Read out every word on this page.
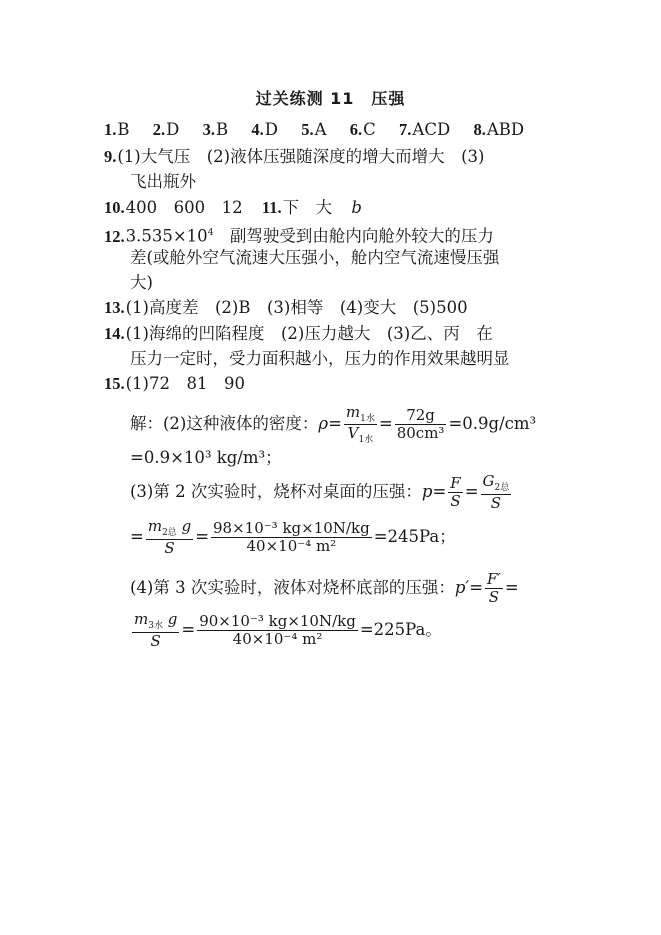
过关练测 11　压强
1.B 2.D 3.B 4.D 5.A 6.C 7.ACD 8.ABD
9.(1)大气压　(2)液体压强随深度的增大而增大　(3)
飞出瓶外
10.400　600　12 11.下　大 b
$12.3.535\times 10^4$　副驾驶受到由舱内向舱外较大的压力
差(或舱外空气流速大压强小，舱内空气流速慢压强
大)
13.(1)高度差　(2)B　(3)相等　(4)变大　(5)500
14.(1)海绵的凹陷程度　(2)压力越大　(3)乙、丙　在
压力一定时，受力面积越小，压力的作用效果越明显
15.(1)72　81　90
解：(2)这种液体的密度：$\rho= \frac{m_{1水}}{V_{1水}} = \frac{72g}{\text{80cm³}} =0.9g/cm^3$
=0.9×10³ kg/m³；
(3)第 2 次实验时，烧杯对桌面的压强：$p= \frac{F}{S} = \frac{G_{2总}}{S}$
= $\frac{m_{2总} g}{S} = \frac{\text{98×10⁻³ kg×10N/kg}}{\text{40×10⁻⁴ m²}} =245Pa$；
(4)第 3 次实验时，液体对烧杯底部的压强：$p'= \frac{F'}{S}$ =
$\frac{m_{3水} g}{S} = \frac{\text{90×10⁻³ kg×10N/kg}}{\text{40×10⁻⁴ m²}} =225Pa$。
